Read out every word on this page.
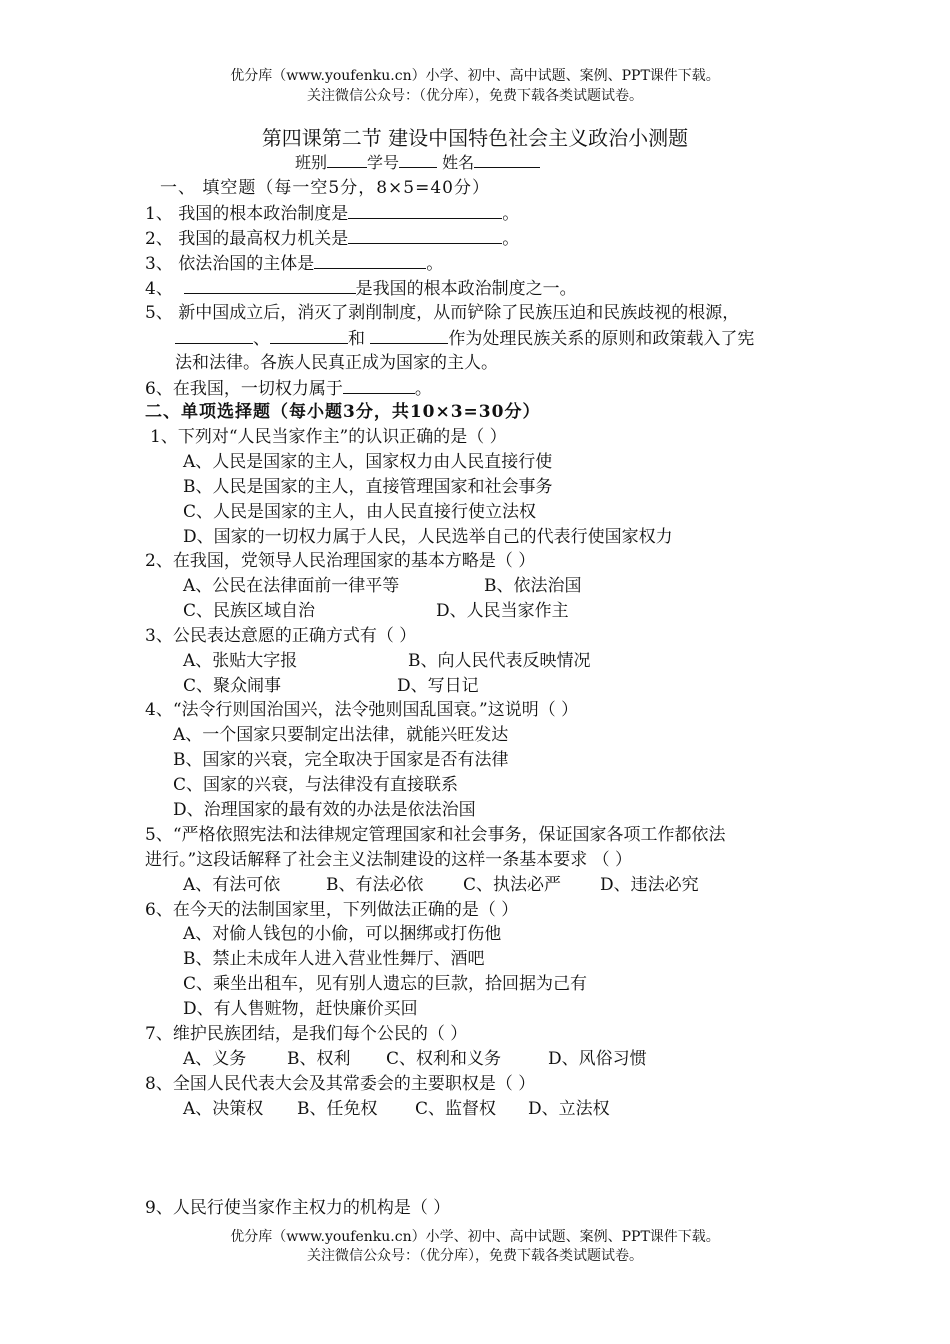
优分库（www.youfenku.cn）小学、初中、高中试题、案例、PPT课件下载。
关注微信公众号：（优分库），免费下载各类试题试卷。
第四课第二节 建设中国特色社会主义政治小测题
班别	学号	姓名
一、 填空题（每一空5分，8×5=40分）
1、 我国的根本政治制度是	。
2、 我国的最高权力机关是	。
3、 依法治国的主体是	。
4、	是我国的根本政治制度之一。
5、 新中国成立后，消灭了剥削制度，从而铲除了民族压迫和民族歧视的根源，
、	和	作为处理民族关系的原则和政策载入了宪
法和法律。各族人民真正成为国家的主人。
6、在我国，一切权力属于	。
二、单项选择题（每小题3分，共10×3=30分）
1、下列对“人民当家作主”的认识正确的是（ ）
A、人民是国家的主人，国家权力由人民直接行使
B、人民是国家的主人，直接管理国家和社会事务
C、人民是国家的主人，由人民直接行使立法权
D、国家的一切权力属于人民，人民选举自己的代表行使国家权力
2、在我国，党领导人民治理国家的基本方略是（ ）
A、公民在法律面前一律平等	B、依法治国
C、民族区域自治	D、人民当家作主
3、公民表达意愿的正确方式有（ ）
A、张贴大字报	B、向人民代表反映情况
C、聚众闹事	D、写日记
4、“法令行则国治国兴，法令弛则国乱国衰。”这说明（ ）
A、一个国家只要制定出法律，就能兴旺发达
B、国家的兴衰，完全取决于国家是否有法律
C、国家的兴衰，与法律没有直接联系
D、治理国家的最有效的办法是依法治国
5、“严格依照宪法和法律规定管理国家和社会事务，保证国家各项工作都依法
进行。”这段话解释了社会主义法制建设的这样一条基本要求 （ ）
A、有法可依	B、有法必依 C、执法必严 D、违法必究
6、在今天的法制国家里，下列做法正确的是（ ）
A、对偷人钱包的小偷，可以捆绑或打伤他
B、禁止未成年人进入营业性舞厅、酒吧
C、乘坐出租车，见有别人遗忘的巨款，拾回据为己有
D、有人售赃物，赶快廉价买回
7、维护民族团结，是我们每个公民的（ ）
A、义务 B、权利 C、权利和义务	D、风俗习惯
8、全国人民代表大会及其常委会的主要职权是（ ）
A、决策权 B、任免权 C、监督权 D、立法权
9、人民行使当家作主权力的机构是（ ）
优分库（www.youfenku.cn）小学、初中、高中试题、案例、PPT课件下载。
关注微信公众号：（优分库），免费下载各类试题试卷。
